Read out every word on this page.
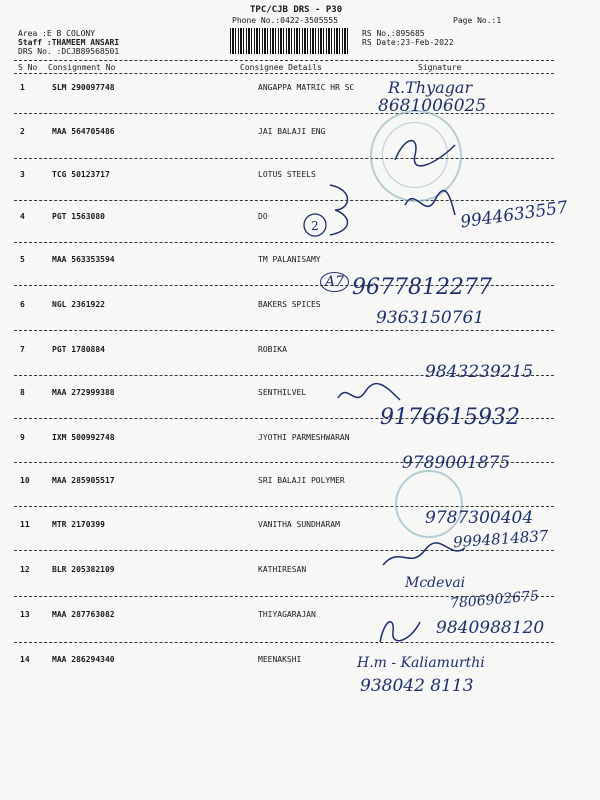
TPC/CJB DRS - P30
Phone No.:0422-3505555	Page No.:1
Area :E B COLONY
Staff :THAMEEM ANSARI
DRS No. :DCJB89568501
RS No.:895685
RS Date:23-Feb-2022
S No Consignment No	Consignee Details	Signature
1	SLM 290097748	ANGAPPA MATRIC HR SC
2	MAA 564705486	JAI BALAJI ENG
3	TCG 50123717	LOTUS STEELS
4	PGT 1563080	DO
5	MAA 563353594	TM PALANISAMY
6	NGL 2361922	BAKERS SPICES
7	PGT 1780884	ROBIKA
8	MAA 272999388	SENTHILVEL
9	IXM 500992748	JYOTHI PARMESHWARAN
10	MAA 285905517	SRI BALAJI POLYMER
11	MTR 2170399	VANITHA SUNDHARAM
12	BLR 205382109	KATHIRESAN
13	MAA 287763082	THIYAGARAJAN
14	MAA 286294340	MEENAKSHI
R.Thyagar
8681006025
9944633557
A7 9677812277
9363150761
9843239215
9176615932
9789001875
9787300404
9994814837
Mcdevai
7806902675
9840988120
H.m - Kaliamurthi
938042 8113
2
